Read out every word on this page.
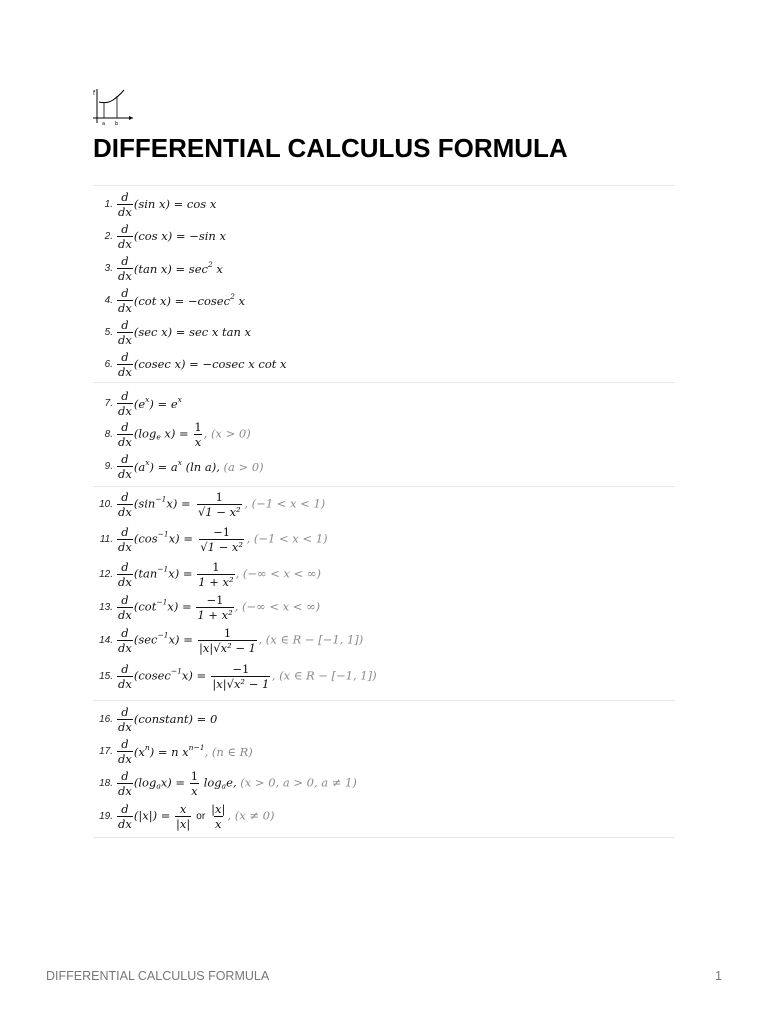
f
a b
DIFFERENTIAL CALCULUS FORMULA
1. $\frac{d}{dx} (\sin$ x) = cos x
2. $\frac{d}{dx} (\cos$ x) = −sin x
3. $\frac{d}{dx} (\tan$ $x) = \sec^2 x$
4. $\frac{d}{dx} (\cot$ x) = −cosec$^2$ x
5. $\frac{d}{dx} (\sec$ x) = sec x tan x
6. $\frac{d}{dx} (cosec$ x) = −cosec x cot x
7. $\frac{d}{dx} (e^x) = e^x$
8. $\frac{d}{dx} (\log_e$ $x) = \frac{1}{x}$ , (x > 0)
9. $\frac{d}{dx} (a^x) = a^x$ (ln a), (a > 0)
10. $\frac{d}{dx} (\sin^{-1}x) = \frac{1}{\text{√1 − x²}}$ , (−1 < x < 1)
11. $\frac{d}{dx} (\cos^{-1}x) = \frac{-1}{\text{√1 − x²}}$ , (−1 < x < 1)
12. $\frac{d}{dx} (\tan^{-1}x) = \frac{1}{\text{1 + x²}}$ , (−∞ < x < ∞)
13. $\frac{d}{dx} (\cot^{-1}x) = \frac{-1}{\text{1 + x²}}$ , (−∞ < x < ∞)
14. $\frac{d}{dx} (\sec^{-1}x) = \frac{1}{\text{|x|√x² − 1}}$ , (x ∈ R − [−1, 1])
15. $\frac{d}{dx} (cosec^{-1}x) = \frac{-1}{\text{|x|√x² − 1}}$ , (x ∈ R − [−1, 1])
16. $\frac{d}{dx}$ (constant) = 0
17. $\frac{d}{dx} (x^n) = n$ $x^{n-1}$, (n ∈ R)
18. $\frac{d}{dx} (\log_ax) = \frac{1}{x} \log_ae$, (x > 0, a > 0, a ≠ 1)
19. $\frac{d}{dx} (|x|) = \frac{x}{|x|}$ or $\frac{|x|}{x}$ , (x ≠ 0)
DIFFERENTIAL CALCULUS FORMULA	1
